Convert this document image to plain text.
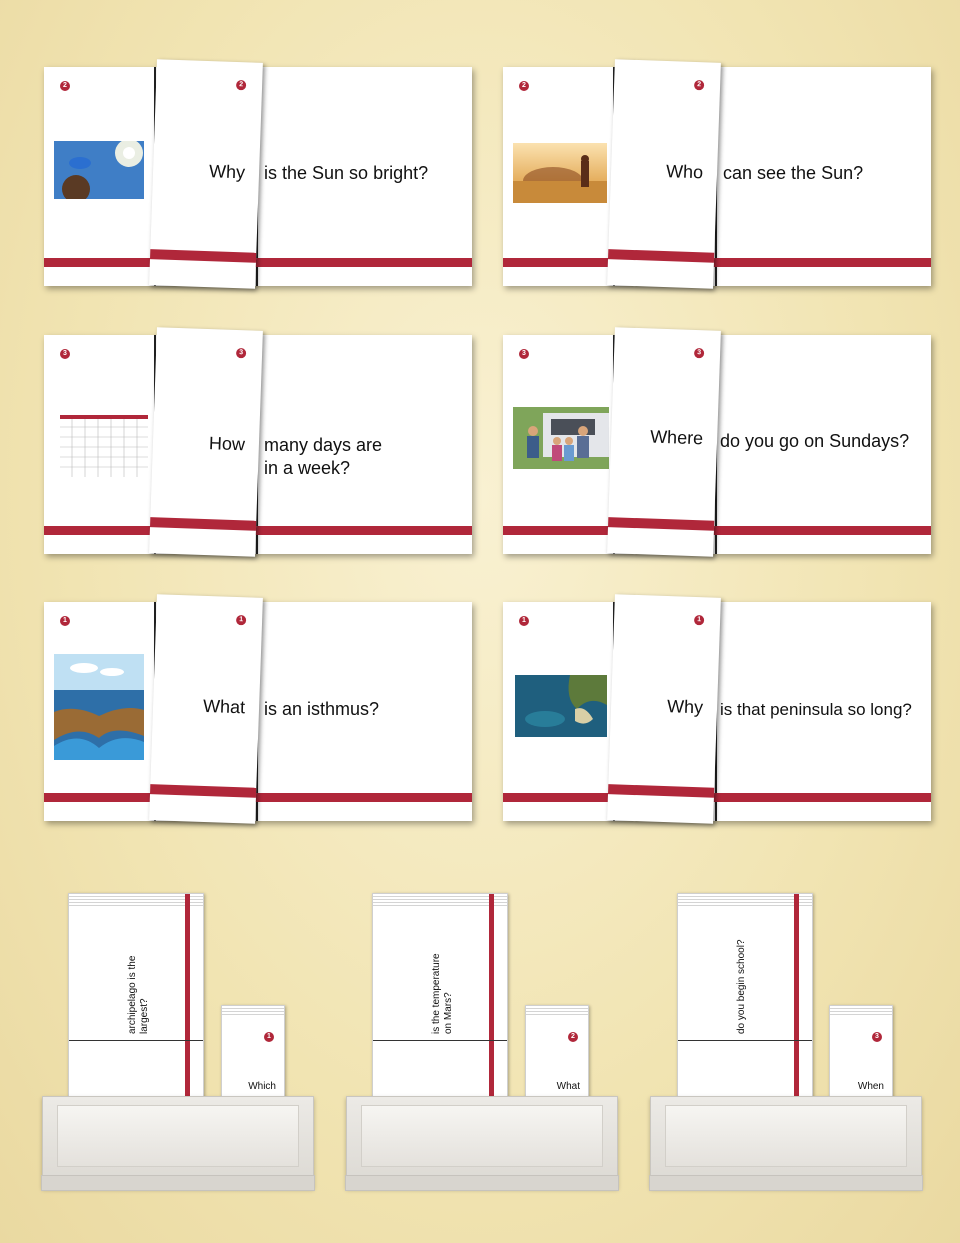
2
is the Sun so bright?
2
Why
2
can see the Sun?
2
Who
3
many days are
in a week?
3
How
3
do you go on Sundays?
3
Where
1
is an isthmus?
1
What
1
is that peninsula so long?
1
Why
archipelago is the largest?
1
Which
is the temperature on Mars?
2
What
do you begin school?
3
When
